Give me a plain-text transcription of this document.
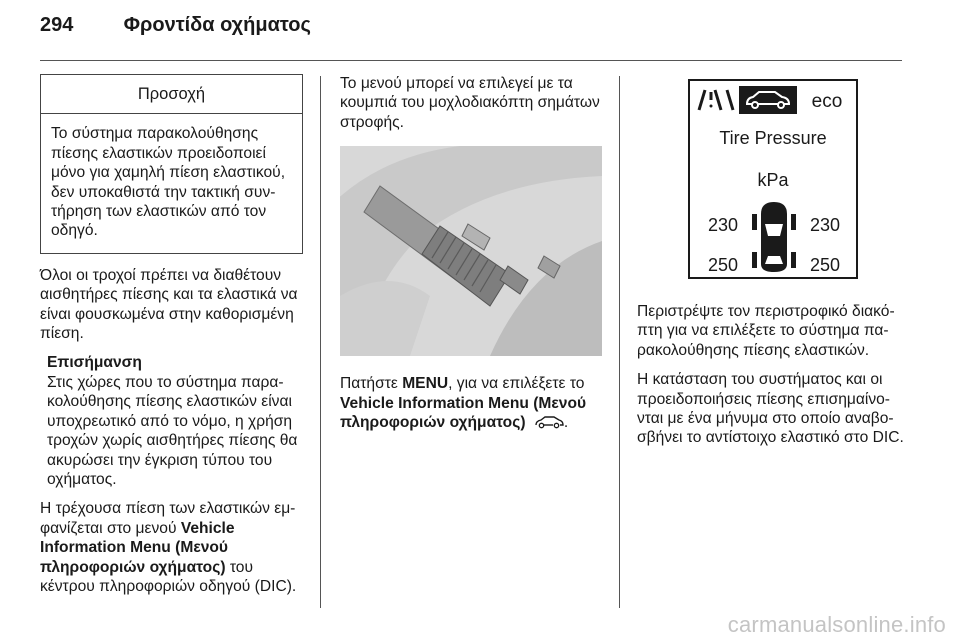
294	Φροντίδα οχήματος
Προσοχή
Το σύστημα παρακολούθησης πίεσης ελαστικών προειδοποιεί μόνο για χαμηλή πίεση ελαστικού, δεν υποκαθιστά την τακτική συν-τήρηση των ελαστικών από τον οδηγό.

Όλοι οι τροχοί πρέπει να διαθέτουν αισθητήρες πίεσης και τα ελαστικά να είναι φουσκωμένα στην καθορισμένη πίεση.

Επισήμανση
Στις χώρες που το σύστημα παρα-κολούθησης πίεσης ελαστικών είναι υποχρεωτικό από το νόμο, η χρήση τροχών χωρίς αισθητήρες πίεσης θα ακυρώσει την έγκριση τύπου του οχήματος.

Η τρέχουσα πίεση των ελαστικών εμ-φανίζεται στο μενού Vehicle Information Menu (Μενού πληροφοριών οχήματος) του κέντρου πληροφοριών οδηγού (DIC).

Το μενού μπορεί να επιλεγεί με τα κουμπιά του μοχλοδιακόπτη σημάτων στροφής.

Πατήστε MENU, για να επιλέξετε το Vehicle Information Menu (Μενού πληροφοριών οχήματος) .

eco
Tire Pressure
kPa
230	230
250	250

Περιστρέψτε τον περιστροφικό διακό-πτη για να επιλέξετε το σύστημα πα-ρακολούθησης πίεσης ελαστικών.

Η κατάσταση του συστήματος και οι προειδοποιήσεις πίεσης επισημαίνο-νται με ένα μήνυμα στο οποίο αναβο-σβήνει το αντίστοιχο ελαστικό στο DIC.

carmanualsonline.info
